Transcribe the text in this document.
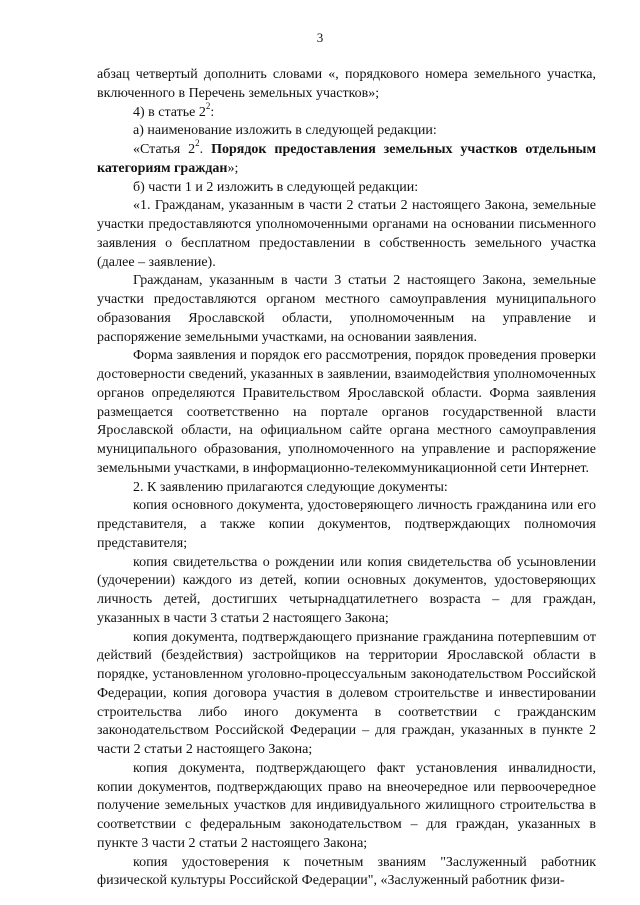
3

абзац четвертый дополнить словами «, порядкового номера земельного участка, включенного в Перечень земельных участков»;

4) в статье $2^2$:

а) наименование изложить в следующей редакции:

«Статья $2^2$. Порядок предоставления земельных участков отдельным категориям граждан»;

б) части 1 и 2 изложить в следующей редакции:

«1. Гражданам, указанным в части 2 статьи 2 настоящего Закона, земельные участки предоставляются уполномоченными органами на основании письменного заявления о бесплатном предоставлении в собственность земельного участка (далее – заявление).

Гражданам, указанным в части 3 статьи 2 настоящего Закона, земельные участки предоставляются органом местного самоуправления муниципального образования Ярославской области, уполномоченным на управление и распоряжение земельными участками, на основании заявления.

Форма заявления и порядок его рассмотрения, порядок проведения проверки достоверности сведений, указанных в заявлении, взаимодействия уполномоченных органов определяются Правительством Ярославской области. Форма заявления размещается соответственно на портале органов государственной власти Ярославской области, на официальном сайте органа местного самоуправления муниципального образования, уполномоченного на управление и распоряжение земельными участками, в информационно-телекоммуникационной сети Интернет.

2. К заявлению прилагаются следующие документы:

копия основного документа, удостоверяющего личность гражданина или его представителя, а также копии документов, подтверждающих полномочия представителя;

копия свидетельства о рождении или копия свидетельства об усыновлении (удочерении) каждого из детей, копии основных документов, удостоверяющих личность детей, достигших четырнадцатилетнего возраста – для граждан, указанных в части 3 статьи 2 настоящего Закона;

копия документа, подтверждающего признание гражданина потерпевшим от действий (бездействия) застройщиков на территории Ярославской области в порядке, установленном уголовно-процессуальным законодательством Российской Федерации, копия договора участия в долевом строительстве и инвестировании строительства либо иного документа в соответствии с гражданским законодательством Российской Федерации – для граждан, указанных в пункте 2 части 2 статьи 2 настоящего Закона;

копия документа, подтверждающего факт установления инвалидности, копии документов, подтверждающих право на внеочередное или первоочередное получение земельных участков для индивидуального жилищного строительства в соответствии с федеральным законодательством – для граждан, указанных в пункте 3 части 2 статьи 2 настоящего Закона;

копия удостоверения к почетным званиям "Заслуженный работник физической культуры Российской Федерации", «Заслуженный работник физи-
